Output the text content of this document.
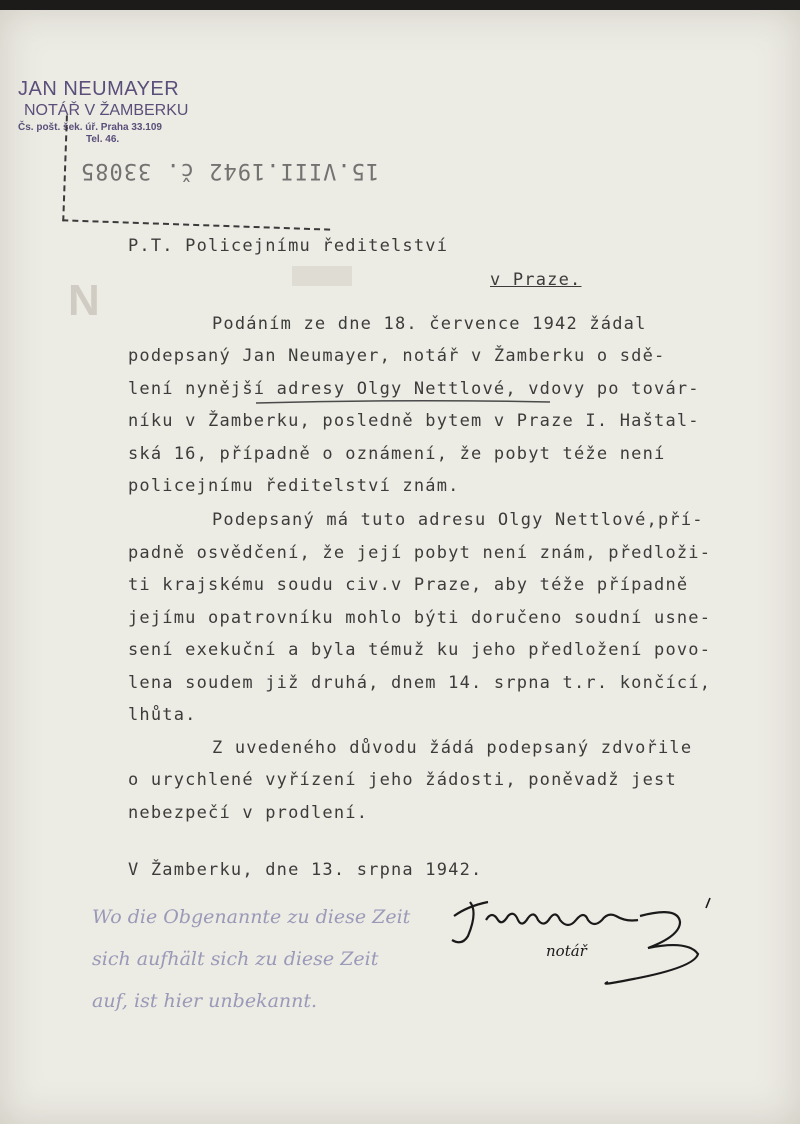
JAN NEUMAYER
NOTÁŘ V ŽAMBERKU
Čs. pošt. šek. úř. Praha 33.109
Tel. 46.
15.VIII.1942 č. 33085
N
P.T. Policejnímu ředitelství
v Praze.
Podáním ze dne 18. července 1942 žádal
podepsaný Jan Neumayer, notář v Žamberku o sdě-
lení nynější adresy Olgy Nettlové, vdovy po továr-
níku v Žamberku, posledně bytem v Praze I. Haštal-
ská 16, případně o oznámení, že pobyt téže není
policejnímu ředitelství znám.
Podepsaný má tuto adresu Olgy Nettlové,pří-
padně osvědčení, že její pobyt není znám, předloži-
ti krajskému soudu civ.v Praze, aby téže případně
jejímu opatrovníku mohlo býti doručeno soudní usne-
sení exekuční a byla témuž ku jeho předložení povo-
lena soudem již druhá, dnem 14. srpna t.r. končící,
lhůta.
Z uvedeného důvodu žádá podepsaný zdvořile
o urychlené vyřízení jeho žádosti, poněvadž jest
nebezpečí v prodlení.
V Žamberku, dne 13. srpna 1942.
Wo die Obgenannte zu diese Zeit
sich aufhält sich zu diese Zeit
auf, ist hier unbekannt.
notář
